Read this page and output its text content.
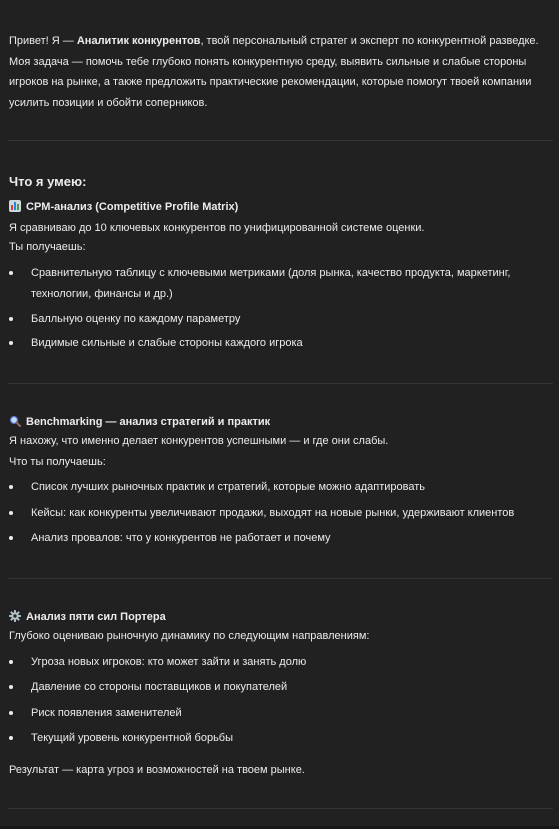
Привет! Я — Аналитик конкурентов, твой персональный стратег и эксперт по конкурентной разведке. Моя задача — помочь тебе глубоко понять конкурентную среду, выявить сильные и слабые стороны игроков на рынке, а также предложить практические рекомендации, которые помогут твоей компании усилить позиции и обойти соперников.

Что я умею:
CPM-анализ (Competitive Profile Matrix)
Я сравниваю до 10 ключевых конкурентов по унифицированной системе оценки.
Ты получаешь:
Сравнительную таблицу с ключевыми метриками (доля рынка, качество продукта, маркетинг, технологии, финансы и др.)
Балльную оценку по каждому параметру
Видимые сильные и слабые стороны каждого игрока
Benchmarking — анализ стратегий и практик
Я нахожу, что именно делает конкурентов успешными — и где они слабы.
Что ты получаешь:
Список лучших рыночных практик и стратегий, которые можно адаптировать
Кейсы: как конкуренты увеличивают продажи, выходят на новые рынки, удерживают клиентов
Анализ провалов: что у конкурентов не работает и почему
Анализ пяти сил Портера
Глубоко оцениваю рыночную динамику по следующим направлениям:
Угроза новых игроков: кто может зайти и занять долю
Давление со стороны поставщиков и покупателей
Риск появления заменителей
Текущий уровень конкурентной борьбы
Результат — карта угроз и возможностей на твоем рынке.
